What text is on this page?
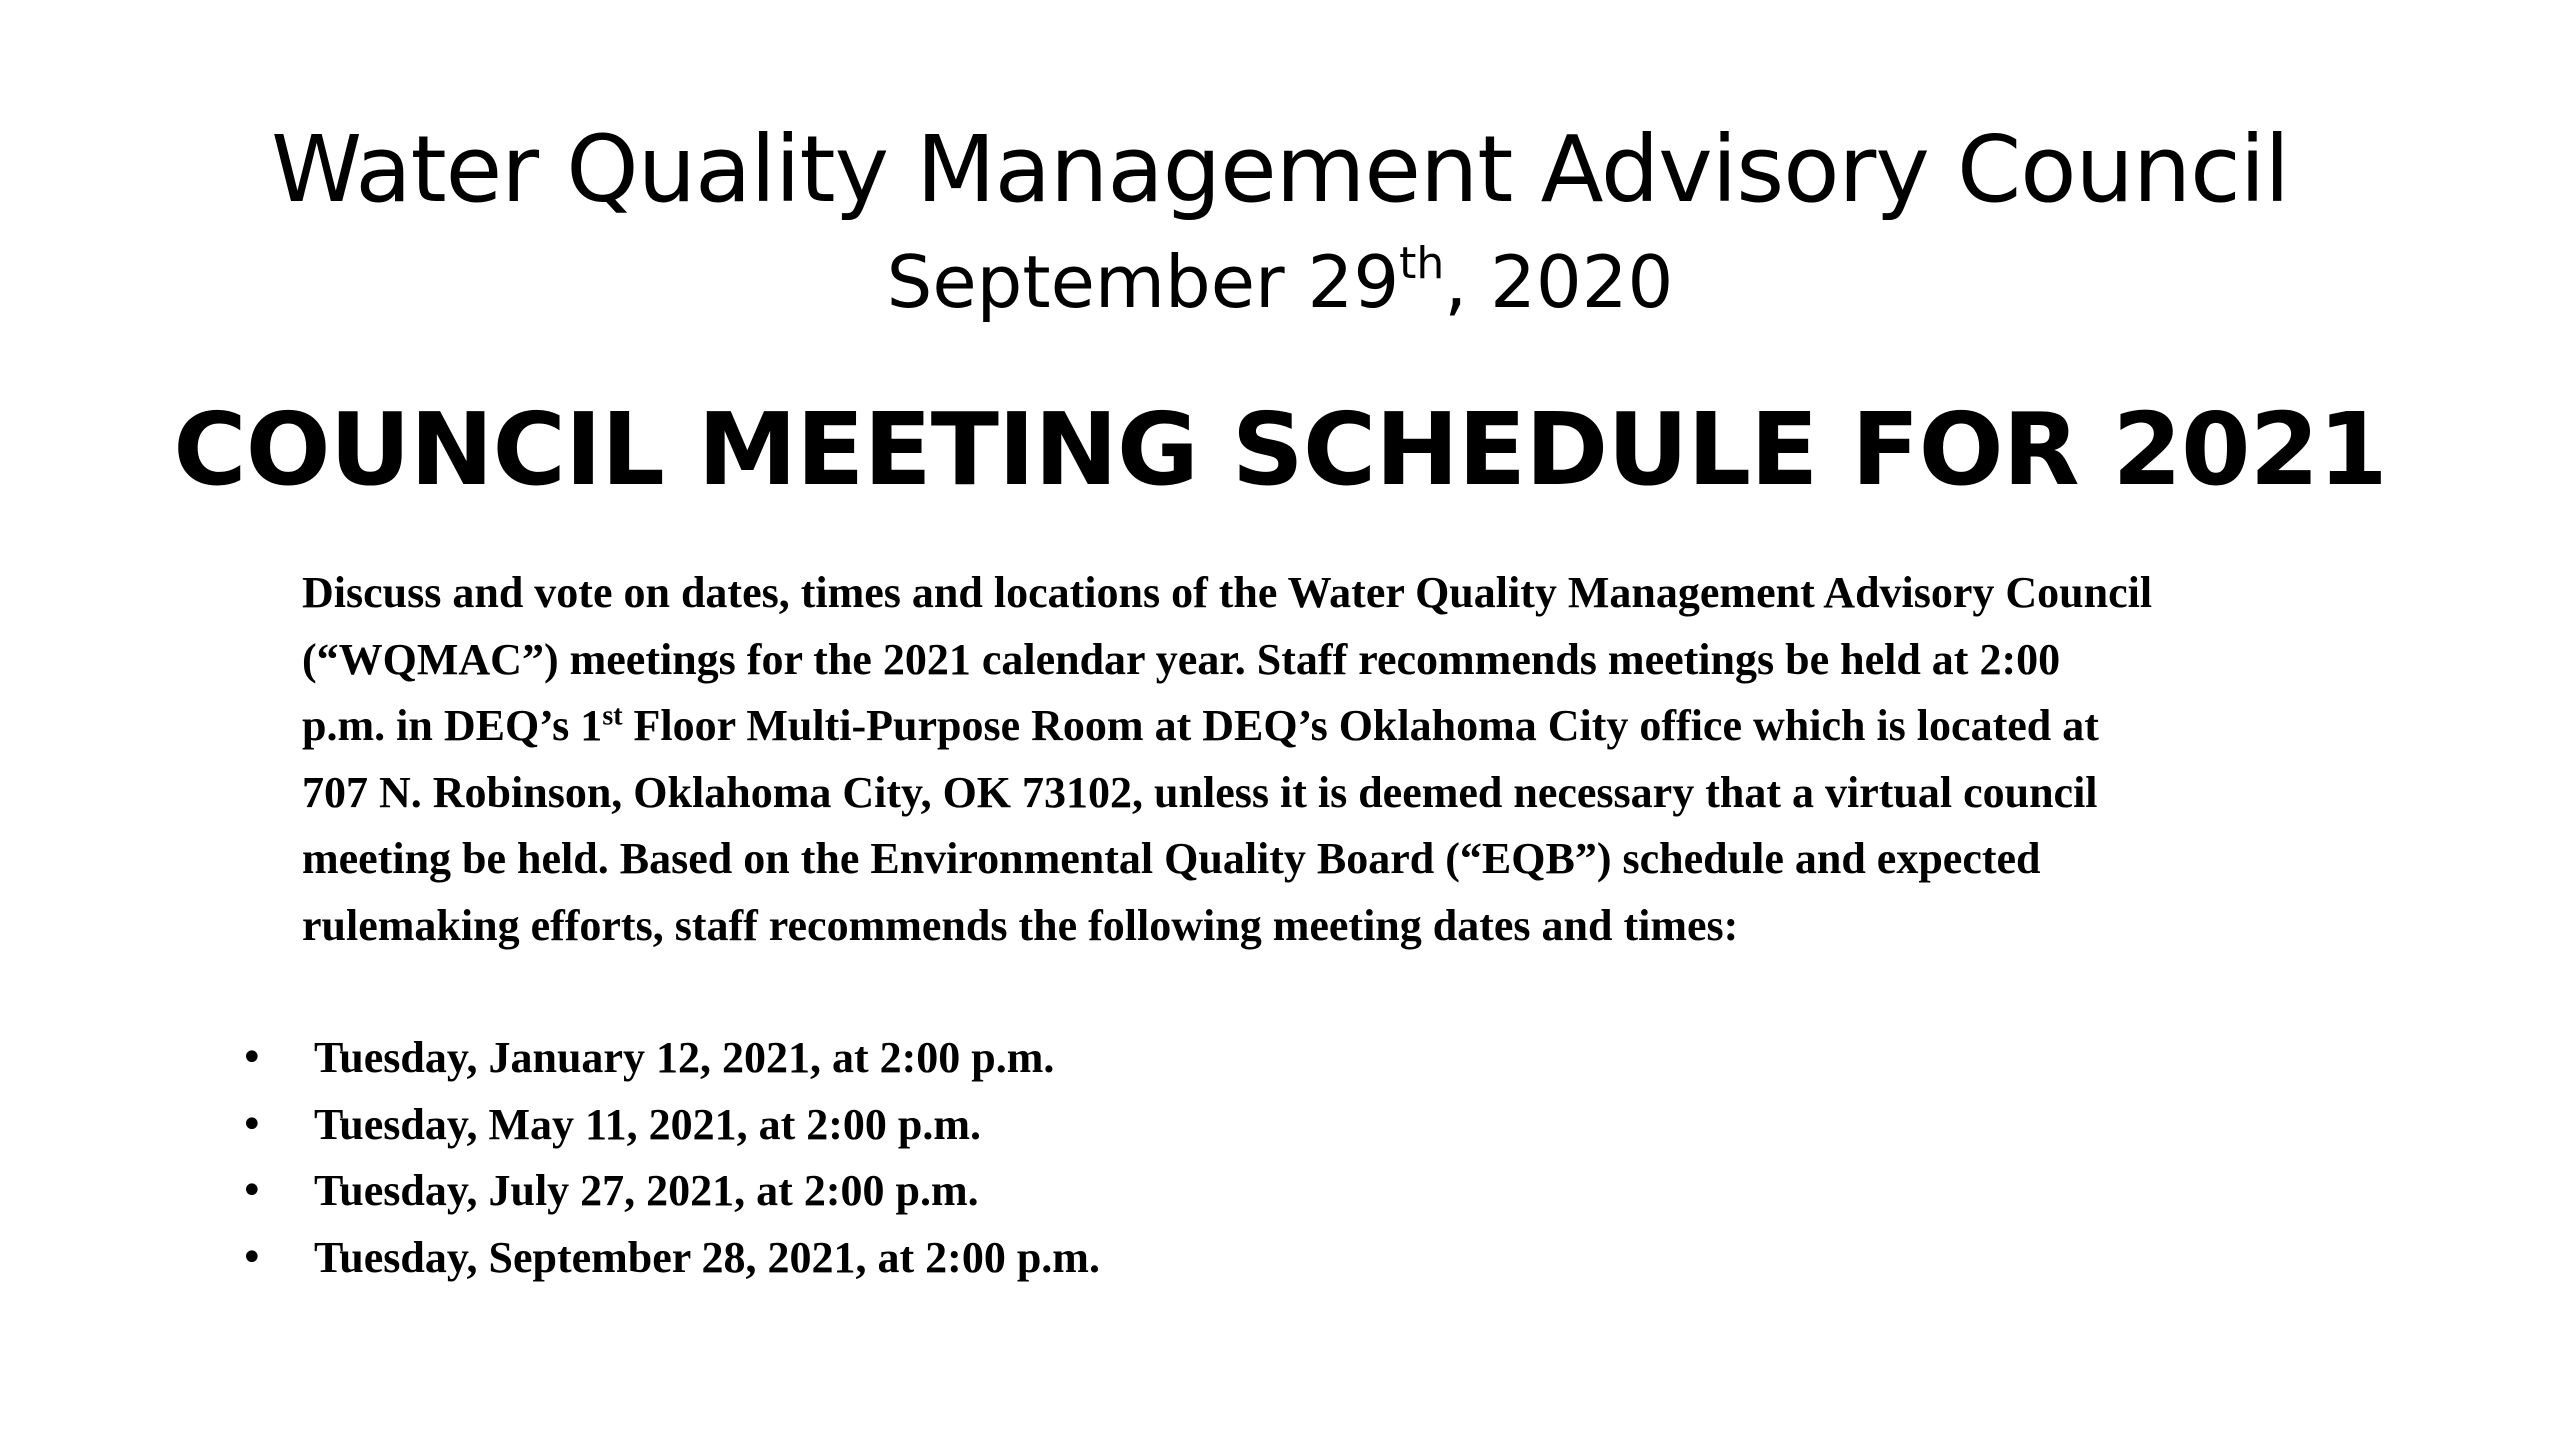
Water Quality Management Advisory Council
September 29th, 2020
COUNCIL MEETING SCHEDULE FOR 2021

Discuss and vote on dates, times and locations of the Water Quality Management Advisory Council

(“WQMAC”) meetings for the 2021 calendar year. Staff recommends meetings be held at 2:00

p.m. in DEQ’s 1st Floor Multi-Purpose Room at DEQ’s Oklahoma City office which is located at

707 N. Robinson, Oklahoma City, OK 73102, unless it is deemed necessary that a virtual council

meeting be held. Based on the Environmental Quality Board (“EQB”) schedule and expected

rulemaking efforts, staff recommends the following meeting dates and times:

•	Tuesday, January 12, 2021, at 2:00 p.m.
•	Tuesday, May 11, 2021, at 2:00 p.m.
•	Tuesday, July 27, 2021, at 2:00 p.m.
•	Tuesday, September 28, 2021, at 2:00 p.m.
